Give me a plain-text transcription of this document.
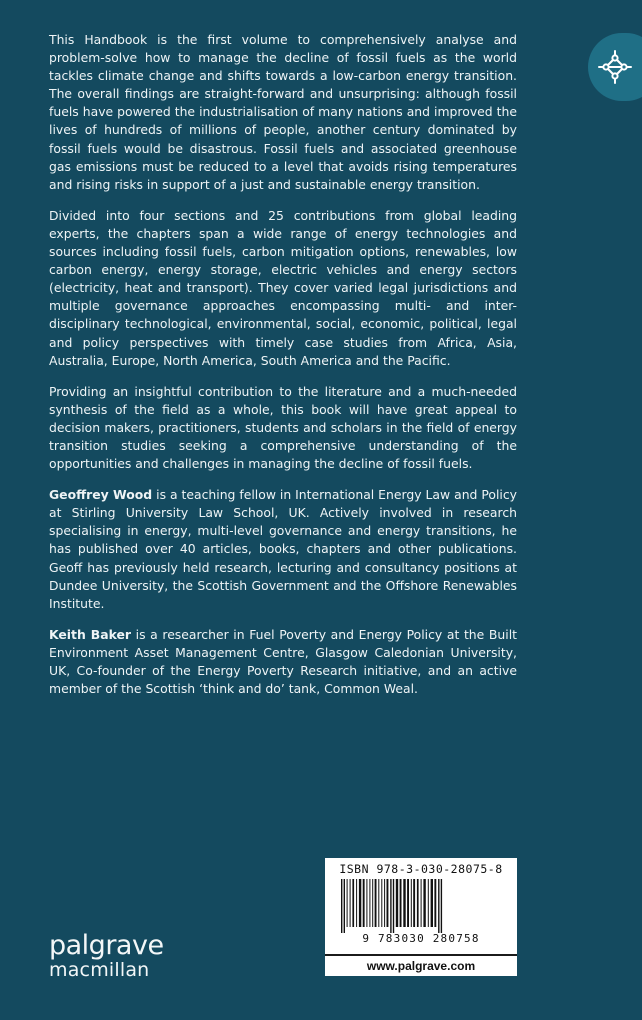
This Handbook is the first volume to comprehensively analyse and problem-solve how to manage the decline of fossil fuels as the world tackles climate change and shifts towards a low-carbon energy transition. The overall findings are straight-forward and unsurprising: although fossil fuels have powered the industrialisation of many nations and improved the lives of hundreds of millions of people, another century dominated by fossil fuels would be disastrous. Fossil fuels and associated greenhouse gas emissions must be reduced to a level that avoids rising temperatures and rising risks in support of a just and sustainable energy transition.

Divided into four sections and 25 contributions from global leading experts, the chapters span a wide range of energy technologies and sources including fossil fuels, carbon mitigation options, renewables, low carbon energy, energy storage, electric vehicles and energy sectors (electricity, heat and transport). They cover varied legal jurisdictions and multiple governance approaches encompassing multi- and inter-disciplinary technological, environmental, social, economic, political, legal and policy perspectives with timely case studies from Africa, Asia, Australia, Europe, North America, South America and the Pacific.

Providing an insightful contribution to the literature and a much-needed synthesis of the field as a whole, this book will have great appeal to decision makers, practitioners, students and scholars in the field of energy transition studies seeking a comprehensive understanding of the opportunities and challenges in managing the decline of fossil fuels.

Geoffrey Wood is a teaching fellow in International Energy Law and Policy at Stirling University Law School, UK. Actively involved in research specialising in energy, multi-level governance and energy transitions, he has published over 40 articles, books, chapters and other publications. Geoff has previously held research, lecturing and consultancy positions at Dundee University, the Scottish Government and the Offshore Renewables Institute.

Keith Baker is a researcher in Fuel Poverty and Energy Policy at the Built Environment Asset Management Centre, Glasgow Caledonian University, UK, Co-founder of the Energy Poverty Research initiative, and an active member of the Scottish ‘think and do’ tank, Common Weal.

palgrave
macmillan
ISBN 978-3-030-28075-8
9 783030 280758
www.palgrave.com
